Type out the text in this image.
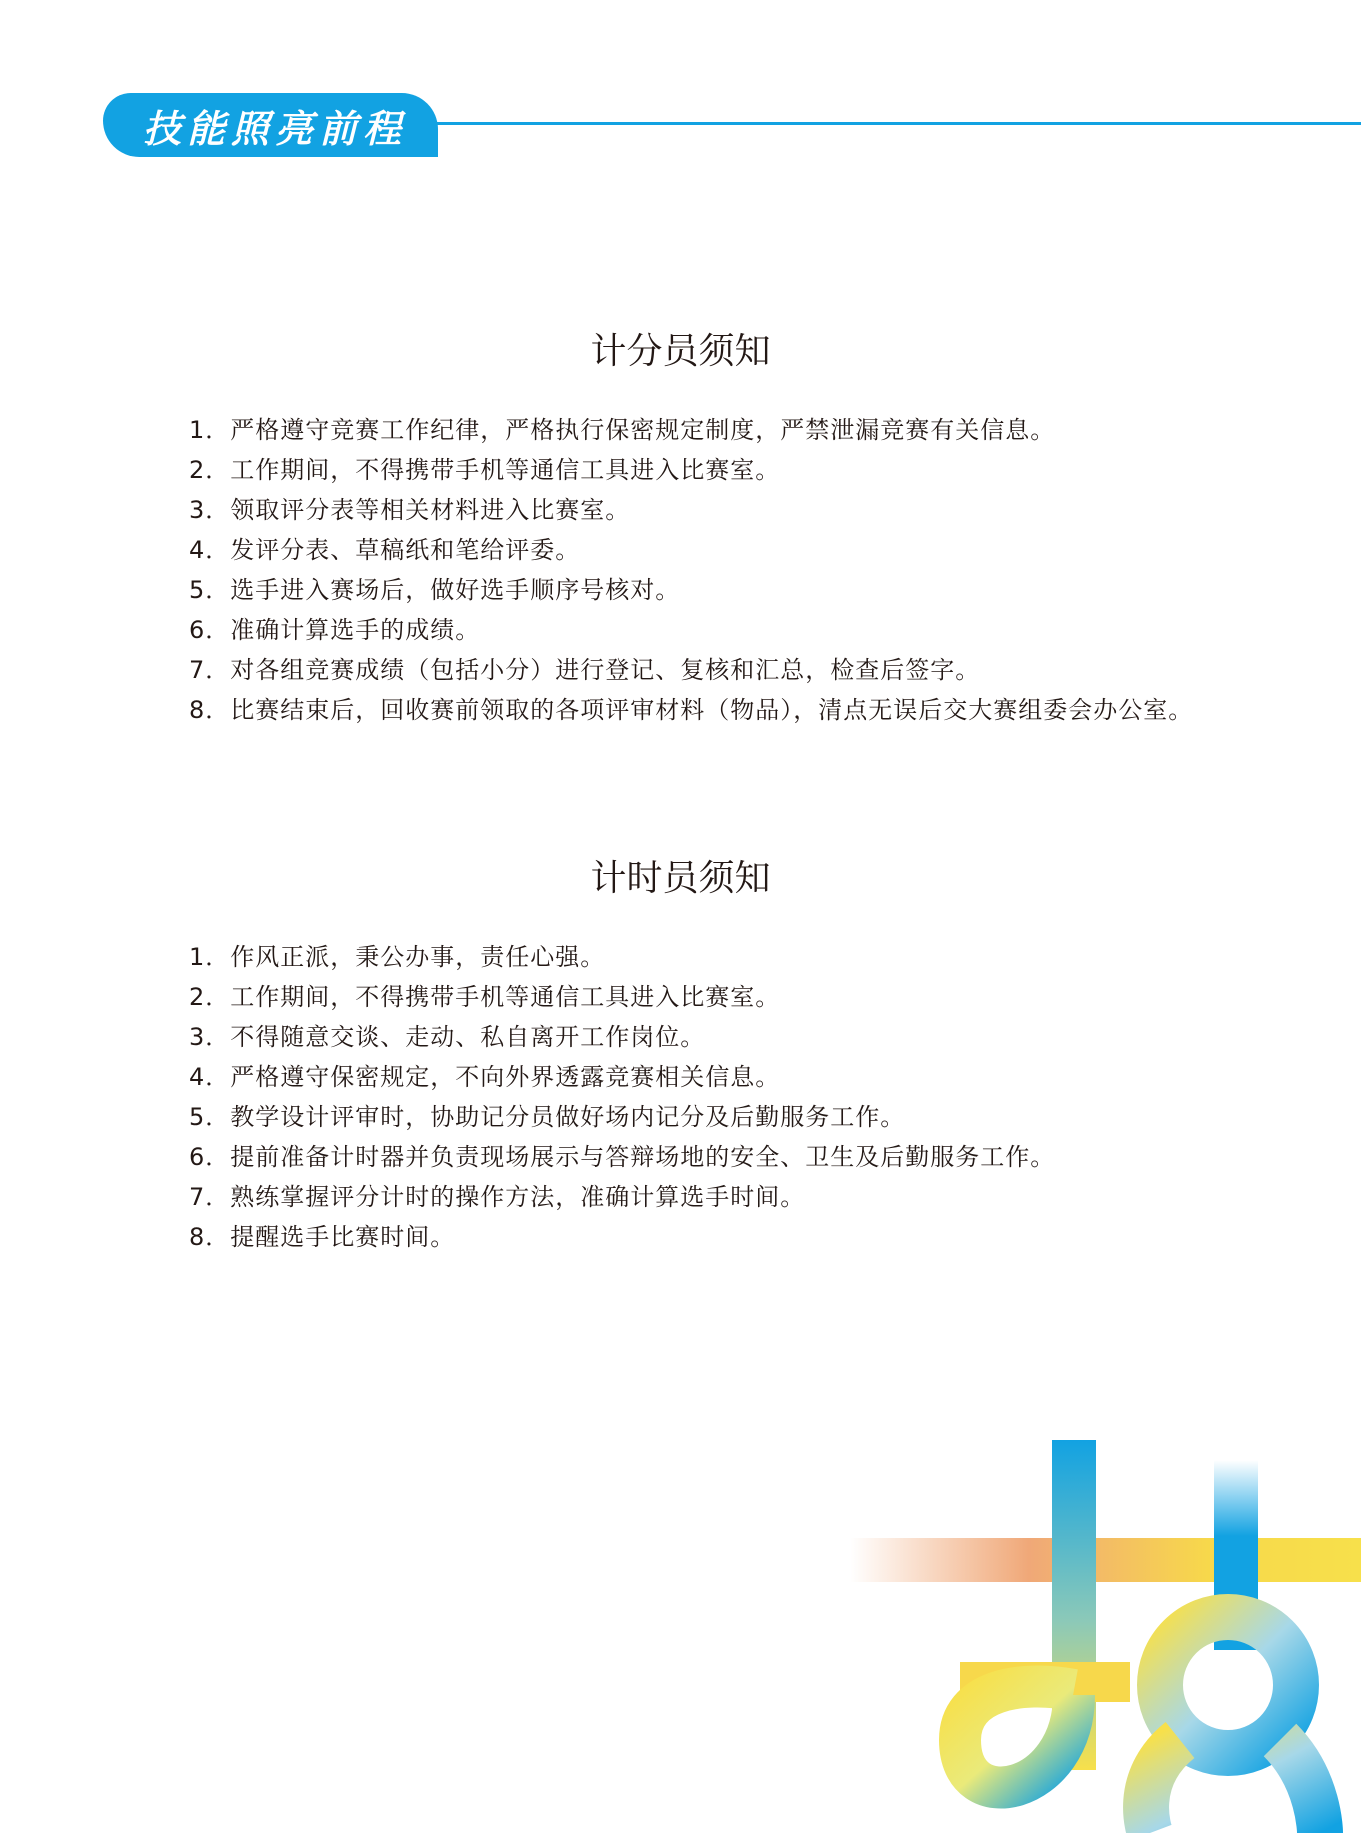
技能照亮前程
计分员须知
1．严格遵守竞赛工作纪律，严格执行保密规定制度，严禁泄漏竞赛有关信息。
2．工作期间，不得携带手机等通信工具进入比赛室。
3．领取评分表等相关材料进入比赛室。
4．发评分表、草稿纸和笔给评委。
5．选手进入赛场后，做好选手顺序号核对。
6．准确计算选手的成绩。
7．对各组竞赛成绩（包括小分）进行登记、复核和汇总，检查后签字。
8．比赛结束后，回收赛前领取的各项评审材料（物品），清点无误后交大赛组委会办公室。
计时员须知
1．作风正派，秉公办事，责任心强。
2．工作期间，不得携带手机等通信工具进入比赛室。
3．不得随意交谈、走动、私自离开工作岗位。
4．严格遵守保密规定，不向外界透露竞赛相关信息。
5．教学设计评审时，协助记分员做好场内记分及后勤服务工作。
6．提前准备计时器并负责现场展示与答辩场地的安全、卫生及后勤服务工作。
7．熟练掌握评分计时的操作方法，准确计算选手时间。
8．提醒选手比赛时间。
